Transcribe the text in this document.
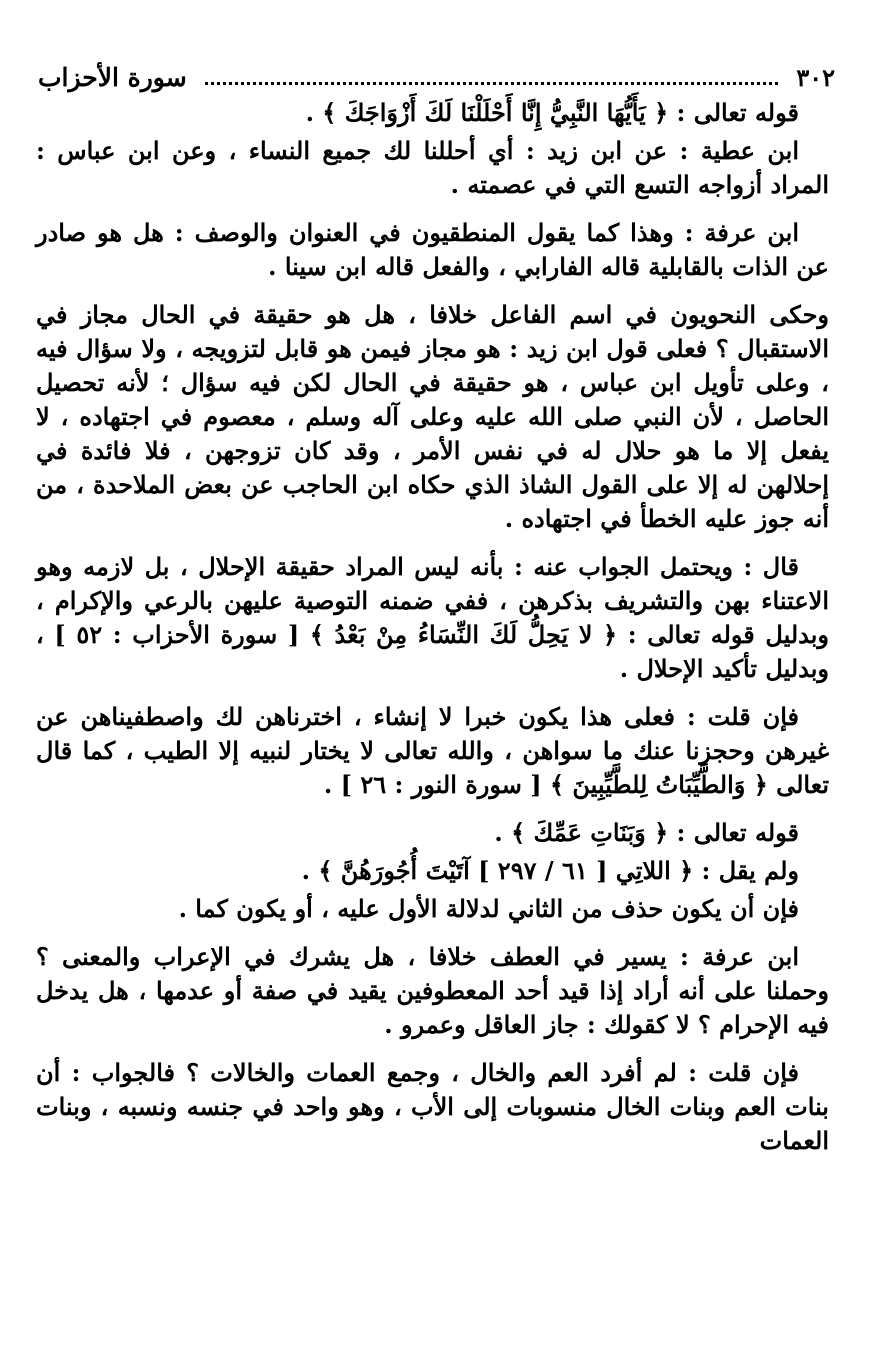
٣٠٢
سورة الأحزاب

قوله تعالى : ﴿ يَأَيُّهَا النَّبِيُّ إِنَّا أَحْلَلْنَا لَكَ أَزْوَاجَكَ ﴾ .

ابن عطية : عن ابن زيد : أي أحللنا لك جميع النساء ، وعن ابن عباس : المراد أزواجه التسع التي في عصمته .

ابن عرفة : وهذا كما يقول المنطقيون في العنوان والوصف : هل هو صادر عن الذات بالقابلية قاله الفارابي ، والفعل قاله ابن سينا .

وحكى النحويون في اسم الفاعل خلافا ، هل هو حقيقة في الحال مجاز في الاستقبال ؟ فعلى قول ابن زيد : هو مجاز فيمن هو قابل لتزويجه ، ولا سؤال فيه ، وعلى تأويل ابن عباس ، هو حقيقة في الحال لكن فيه سؤال ؛ لأنه تحصيل الحاصل ، لأن النبي صلى الله عليه وعلى آله وسلم ، معصوم في اجتهاده ، لا يفعل إلا ما هو حلال له في نفس الأمر ، وقد كان تزوجهن ، فلا فائدة في إحلالهن له إلا على القول الشاذ الذي حكاه ابن الحاجب عن بعض الملاحدة ، من أنه جوز عليه الخطأ في اجتهاده .

قال : ويحتمل الجواب عنه : بأنه ليس المراد حقيقة الإحلال ، بل لازمه وهو الاعتناء بهن والتشريف بذكرهن ، ففي ضمنه التوصية عليهن بالرعي والإكرام ، وبدليل قوله تعالى : ﴿ لا يَحِلُّ لَكَ النِّسَاءُ مِنْ بَعْدُ ﴾ [ سورة الأحزاب : ٥٢ ] ، وبدليل تأكيد الإحلال .

فإن قلت : فعلى هذا يكون خبرا لا إنشاء ، اخترناهن لك واصطفيناهن عن غيرهن وحجزنا عنك ما سواهن ، والله تعالى لا يختار لنبيه إلا الطيب ، كما قال تعالى ﴿ وَالطَّيِّبَاتُ لِلطَّيِّبِينَ ﴾ [ سورة النور : ٢٦ ] .

قوله تعالى : ﴿ وَبَنَاتِ عَمِّكَ ﴾ .

ولم يقل : ﴿ اللاتِي [ ٦١ / ٢٩٧ ] آتَيْتَ أُجُورَهُنَّ ﴾ .

فإن أن يكون حذف من الثاني لدلالة الأول عليه ، أو يكون كما .

ابن عرفة : يسير في العطف خلافا ، هل يشرك في الإعراب والمعنى ؟ وحملنا على أنه أراد إذا قيد أحد المعطوفين يقيد في صفة أو عدمها ، هل يدخل فيه الإحرام ؟ لا كقولك : جاز العاقل وعمرو .

فإن قلت : لم أفرد العم والخال ، وجمع العمات والخالات ؟ فالجواب : أن بنات العم وبنات الخال منسوبات إلى الأب ، وهو واحد في جنسه ونسبه ، وبنات العمات
